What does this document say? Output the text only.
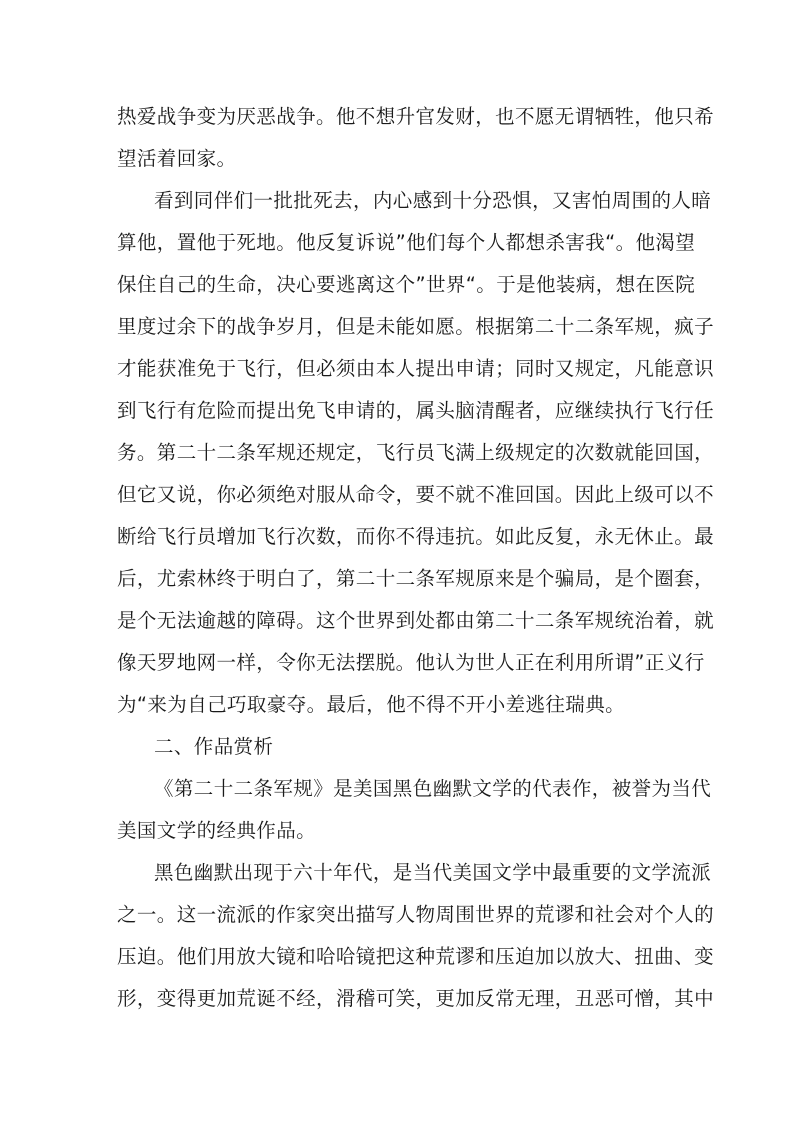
热爱战争变为厌恶战争。他不想升官发财，也不愿无谓牺牲，他只希
望活着回家。
看到同伴们一批批死去，内心感到十分恐惧，又害怕周围的人暗
算他，置他于死地。他反复诉说”他们每个人都想杀害我“。他渴望
保住自己的生命，决心要逃离这个”世界“。于是他装病，想在医院
里度过余下的战争岁月，但是未能如愿。根据第二十二条军规，疯子
才能获准免于飞行，但必须由本人提出申请；同时又规定，凡能意识
到飞行有危险而提出免飞申请的，属头脑清醒者，应继续执行飞行任
务。第二十二条军规还规定，飞行员飞满上级规定的次数就能回国，
但它又说，你必须绝对服从命令，要不就不准回国。因此上级可以不
断给飞行员增加飞行次数，而你不得违抗。如此反复，永无休止。最
后，尤索林终于明白了，第二十二条军规原来是个骗局，是个圈套，
是个无法逾越的障碍。这个世界到处都由第二十二条军规统治着，就
像天罗地网一样，令你无法摆脱。他认为世人正在利用所谓”正义行
为“来为自己巧取豪夺。最后，他不得不开小差逃往瑞典。
二、作品赏析
《第二十二条军规》是美国黑色幽默文学的代表作，被誉为当代
美国文学的经典作品。
黑色幽默出现于六十年代，是当代美国文学中最重要的文学流派
之一。这一流派的作家突出描写人物周围世界的荒谬和社会对个人的
压迫。他们用放大镜和哈哈镜把这种荒谬和压迫加以放大、扭曲、变
形，变得更加荒诞不经，滑稽可笑，更加反常无理，丑恶可憎，其中
